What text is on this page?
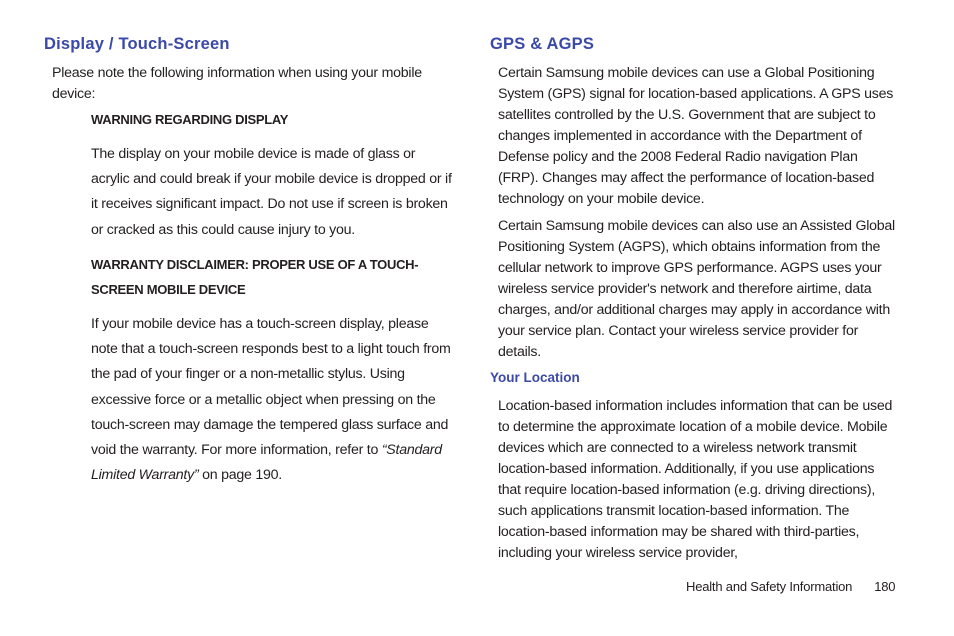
Display / Touch-Screen

Please note the following information when using your mobile device:

WARNING REGARDING DISPLAY

The display on your mobile device is made of glass or acrylic and could break if your mobile device is dropped or if it receives significant impact. Do not use if screen is broken or cracked as this could cause injury to you.

WARRANTY DISCLAIMER: PROPER USE OF A TOUCH-SCREEN MOBILE DEVICE

If your mobile device has a touch-screen display, please note that a touch-screen responds best to a light touch from the pad of your finger or a non-metallic stylus. Using excessive force or a metallic object when pressing on the touch-screen may damage the tempered glass surface and void the warranty. For more information, refer to “Standard Limited Warranty” on page 190.

GPS & AGPS

Certain Samsung mobile devices can use a Global Positioning System (GPS) signal for location-based applications. A GPS uses satellites controlled by the U.S. Government that are subject to changes implemented in accordance with the Department of Defense policy and the 2008 Federal Radio navigation Plan (FRP). Changes may affect the performance of location-based technology on your mobile device.

Certain Samsung mobile devices can also use an Assisted Global Positioning System (AGPS), which obtains information from the cellular network to improve GPS performance. AGPS uses your wireless service provider's network and therefore airtime, data charges, and/or additional charges may apply in accordance with your service plan. Contact your wireless service provider for details.

Your Location

Location-based information includes information that can be used to determine the approximate location of a mobile device. Mobile devices which are connected to a wireless network transmit location-based information. Additionally, if you use applications that require location-based information (e.g. driving directions), such applications transmit location-based information. The location-based information may be shared with third-parties, including your wireless service provider,

Health and Safety Information 180
